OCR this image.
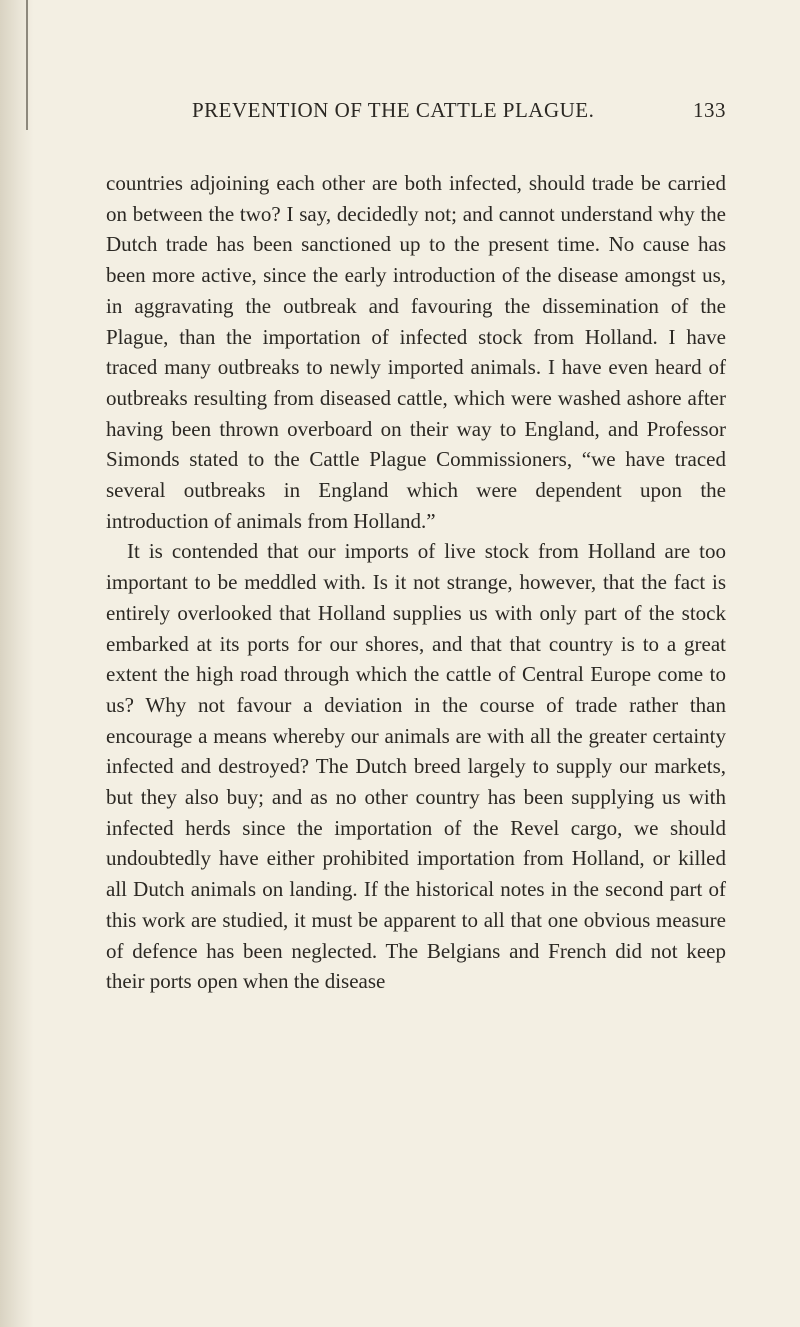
PREVENTION OF THE CATTLE PLAGUE.	133

countries adjoining each other are both infected, should trade be carried on between the two? I say, decidedly not; and cannot understand why the Dutch trade has been sanctioned up to the present time. No cause has been more active, since the early introduction of the disease amongst us, in aggravating the outbreak and favouring the dissemination of the Plague, than the importation of infected stock from Holland. I have traced many outbreaks to newly imported animals. I have even heard of outbreaks resulting from diseased cattle, which were washed ashore after having been thrown overboard on their way to England, and Professor Simonds stated to the Cattle Plague Commissioners, “we have traced several outbreaks in England which were dependent upon the introduction of animals from Holland.”

It is contended that our imports of live stock from Holland are too important to be meddled with. Is it not strange, however, that the fact is entirely overlooked that Holland supplies us with only part of the stock embarked at its ports for our shores, and that that country is to a great extent the high road through which the cattle of Central Europe come to us? Why not favour a deviation in the course of trade rather than encourage a means whereby our animals are with all the greater certainty infected and destroyed? The Dutch breed largely to supply our markets, but they also buy; and as no other country has been supplying us with infected herds since the importation of the Revel cargo, we should undoubtedly have either prohibited importation from Holland, or killed all Dutch animals on landing. If the historical notes in the second part of this work are studied, it must be apparent to all that one obvious measure of defence has been neglected. The Belgians and French did not keep their ports open when the disease
